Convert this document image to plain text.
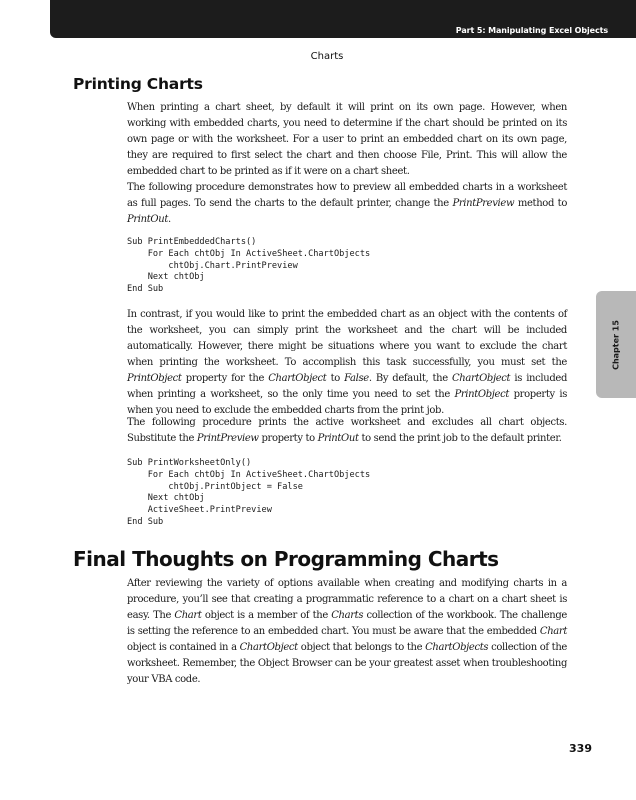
Part 5: Manipulating Excel Objects
Charts
Printing Charts

When printing a chart sheet, by default it will print on its own page. However, when working with embedded charts, you need to determine if the chart should be printed on its own page or with the worksheet. For a user to print an embedded chart on its own page, they are required to first select the chart and then choose File, Print. This will allow the embedded chart to be printed as if it were on a chart sheet.

The following procedure demonstrates how to preview all embedded charts in a worksheet as full pages. To send the charts to the default printer, change the PrintPreview method to PrintOut.

Sub PrintEmbeddedCharts()
For Each chtObj In ActiveSheet.ChartObjects
chtObj.Chart.PrintPreview
Next chtObj
End Sub

In contrast, if you would like to print the embedded chart as an object with the contents of the worksheet, you can simply print the worksheet and the chart will be included automatically. However, there might be situations where you want to exclude the chart when printing the worksheet. To accomplish this task successfully, you must set the PrintObject property for the ChartObject to False. By default, the ChartObject is included when printing a worksheet, so the only time you need to set the PrintObject property is when you need to exclude the embedded charts from the print job.

The following procedure prints the active worksheet and excludes all chart objects. Substitute the PrintPreview property to PrintOut to send the print job to the default printer.

Sub PrintWorksheetOnly()
For Each chtObj In ActiveSheet.ChartObjects
chtObj.PrintObject = False
Next chtObj
ActiveSheet.PrintPreview
End Sub
Final Thoughts on Programming Charts

After reviewing the variety of options available when creating and modifying charts in a procedure, you’ll see that creating a programmatic reference to a chart on a chart sheet is easy. The Chart object is a member of the Charts collection of the workbook. The challenge is setting the reference to an embedded chart. You must be aware that the embedded Chart object is contained in a ChartObject object that belongs to the ChartObjects collection of the worksheet. Remember, the Object Browser can be your greatest asset when troubleshooting your VBA code.

Chapter 15
339
